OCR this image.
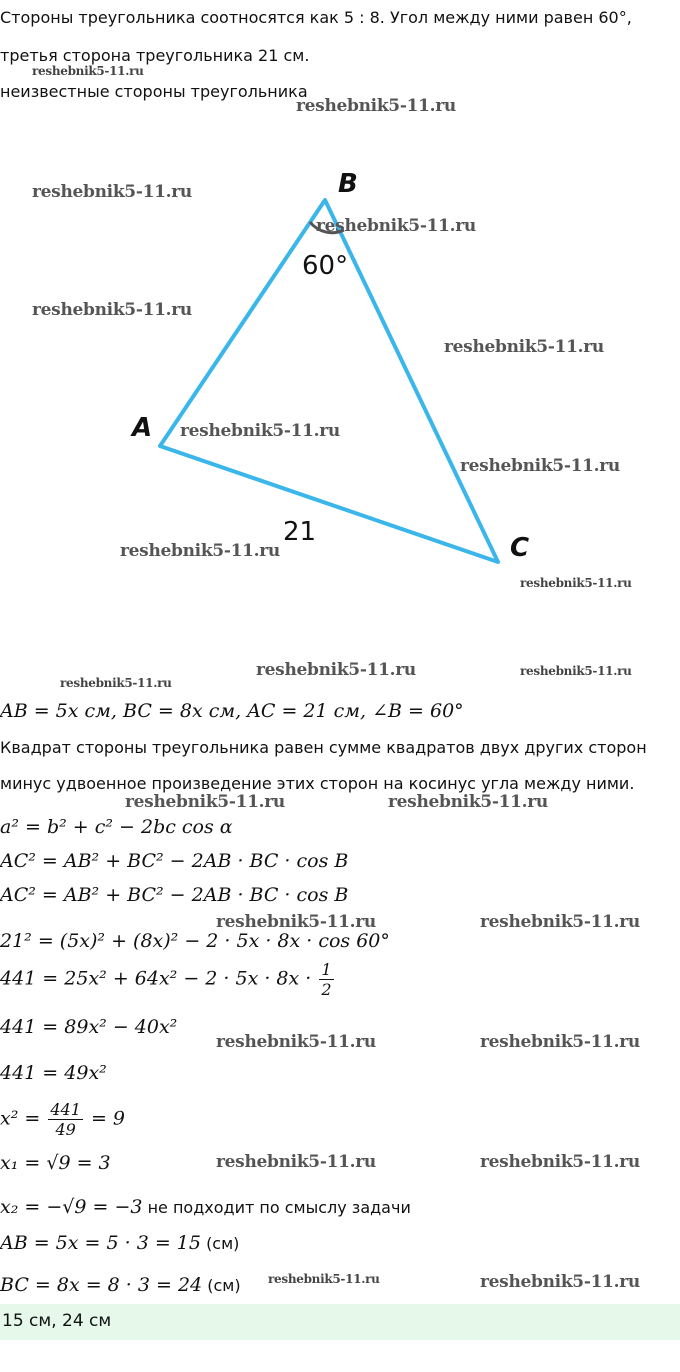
Стороны треугольника соотносятся как 5 : 8. Угол между ними равен 60°,
третья сторона треугольника 21 см.
неизвестные стороны треугольника
B
A
C
60°
21
reshebnik5-11.ru
reshebnik5-11.ru
reshebnik5-11.ru
reshebnik5-11.ru
reshebnik5-11.ru
reshebnik5-11.ru
reshebnik5-11.ru
reshebnik5-11.ru
reshebnik5-11.ru
reshebnik5-11.ru
reshebnik5-11.ru	reshebnik5-11.ru
reshebnik5-11.ru
reshebnik5-11.ru	reshebnik5-11.ru
reshebnik5-11.ru	reshebnik5-11.ru
reshebnik5-11.ru	reshebnik5-11.ru
reshebnik5-11.ru	reshebnik5-11.ru
reshebnik5-11.ru	reshebnik5-11.ru
AB = 5x см, BC = 8x см, AC = 21 см, ∠B = 60°
Квадрат стороны треугольника равен сумме квадратов двух других сторон
минус удвоенное произведение этих сторон на косинус угла между ними.
a² = b² + c² − 2bc cos α
AC² = AB² + BC² − 2AB · BC · cos B
AC² = AB² + BC² − 2AB · BC · cos B
21² = (5x)² + (8x)² − 2 · 5x · 8x · cos 60°
$441 = 25x^2 + 64x^2 - 2 \cdot 5x \cdot 8x \cdot \frac{1}{2}$
441 = 89x² − 40x²
441 = 49x²
$x^2 = \frac{441}{49} = 9$
x₁ = √9 = 3
x₂ = −√9 = −3 не подходит по смыслу задачи
AB = 5x = 5 · 3 = 15 (см)
BC = 8x = 8 · 3 = 24 (см)
15 см, 24 см
